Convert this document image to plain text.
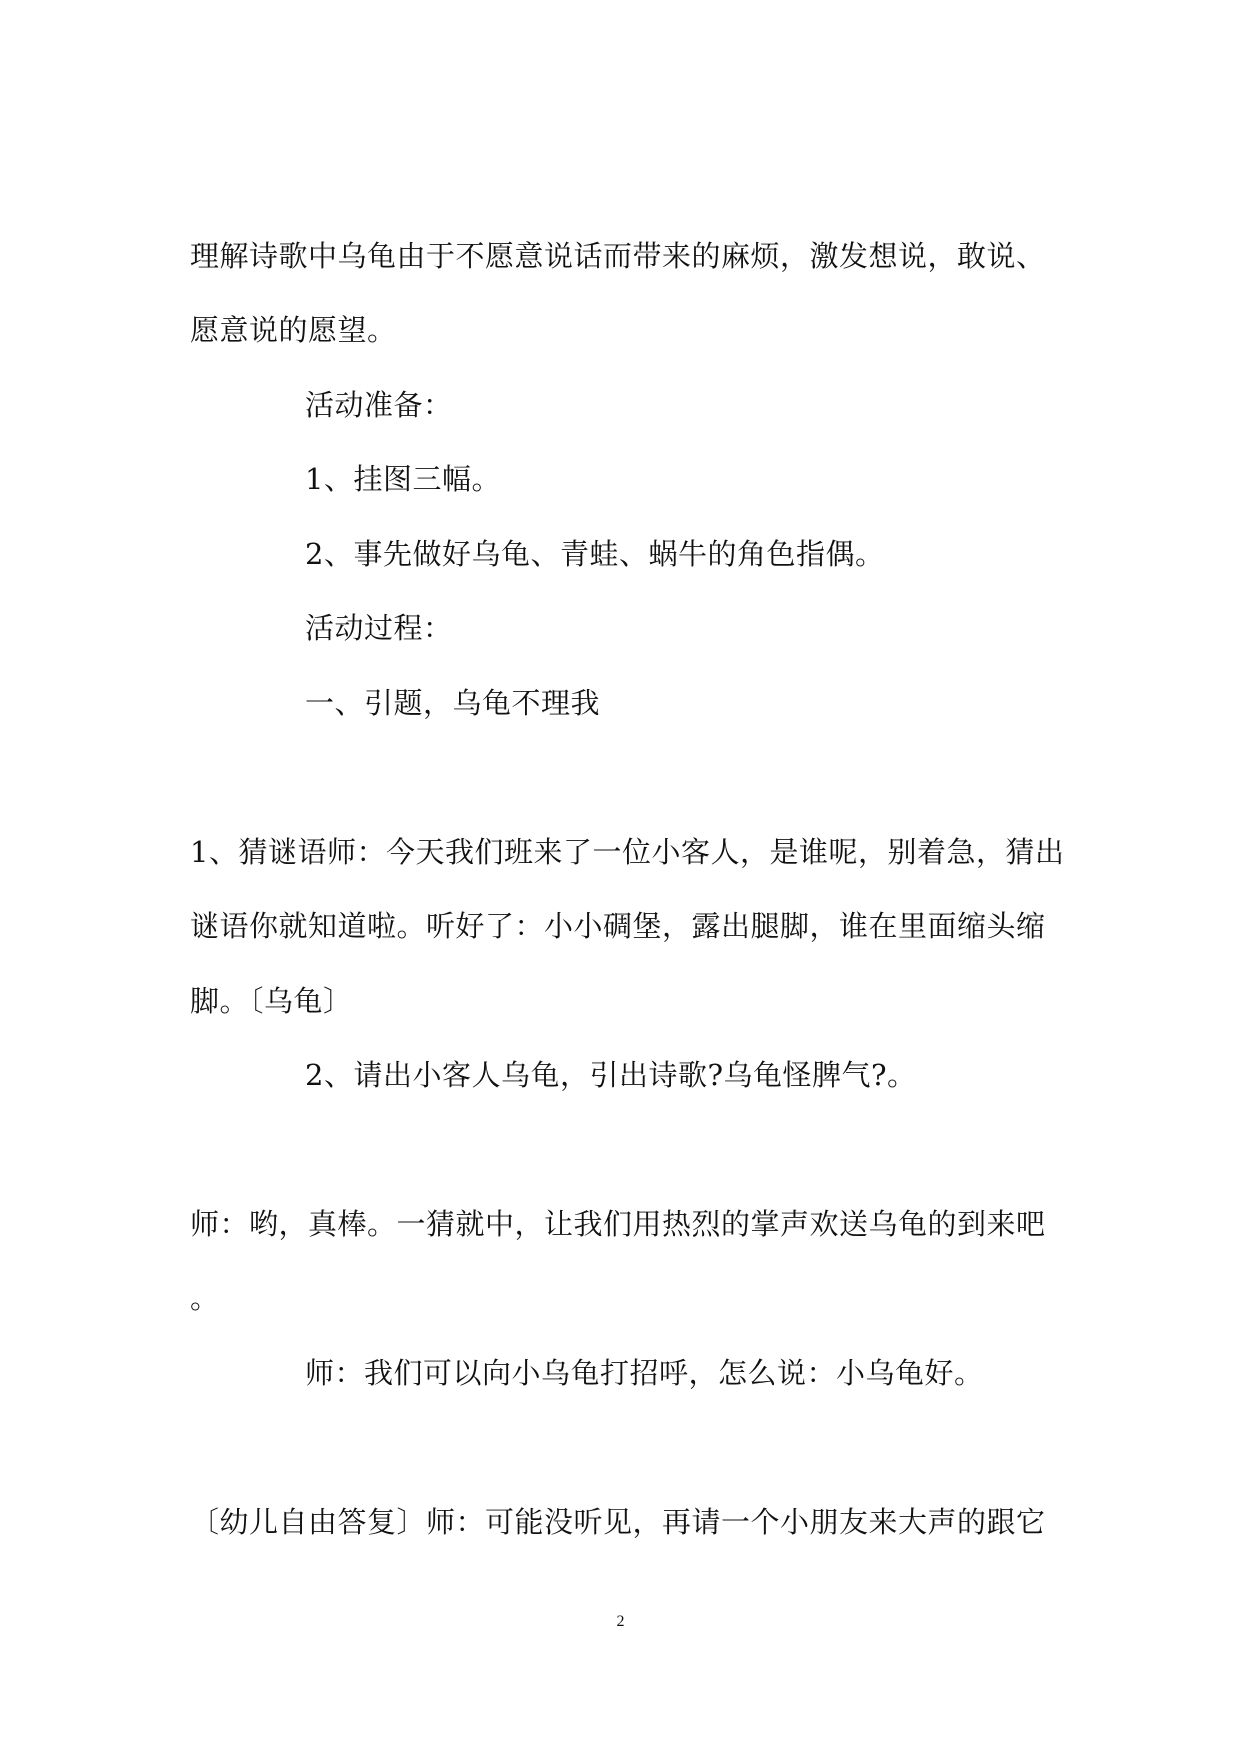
理解诗歌中乌龟由于不愿意说话而带来的麻烦，激发想说，敢说、
愿意说的愿望。
活动准备：
1、挂图三幅。
2、事先做好乌龟、青蛙、蜗牛的角色指偶。
活动过程：
一、引题，乌龟不理我
1、猜谜语师：今天我们班来了一位小客人，是谁呢，别着急，猜出
谜语你就知道啦。听好了：小小碉堡，露出腿脚，谁在里面缩头缩
脚。〔乌龟〕
2、请出小客人乌龟，引出诗歌?乌龟怪脾气?。
师：哟，真棒。一猜就中，让我们用热烈的掌声欢送乌龟的到来吧
。
师：我们可以向小乌龟打招呼，怎么说：小乌龟好。
〔幼儿自由答复〕师：可能没听见，再请一个小朋友来大声的跟它
2
